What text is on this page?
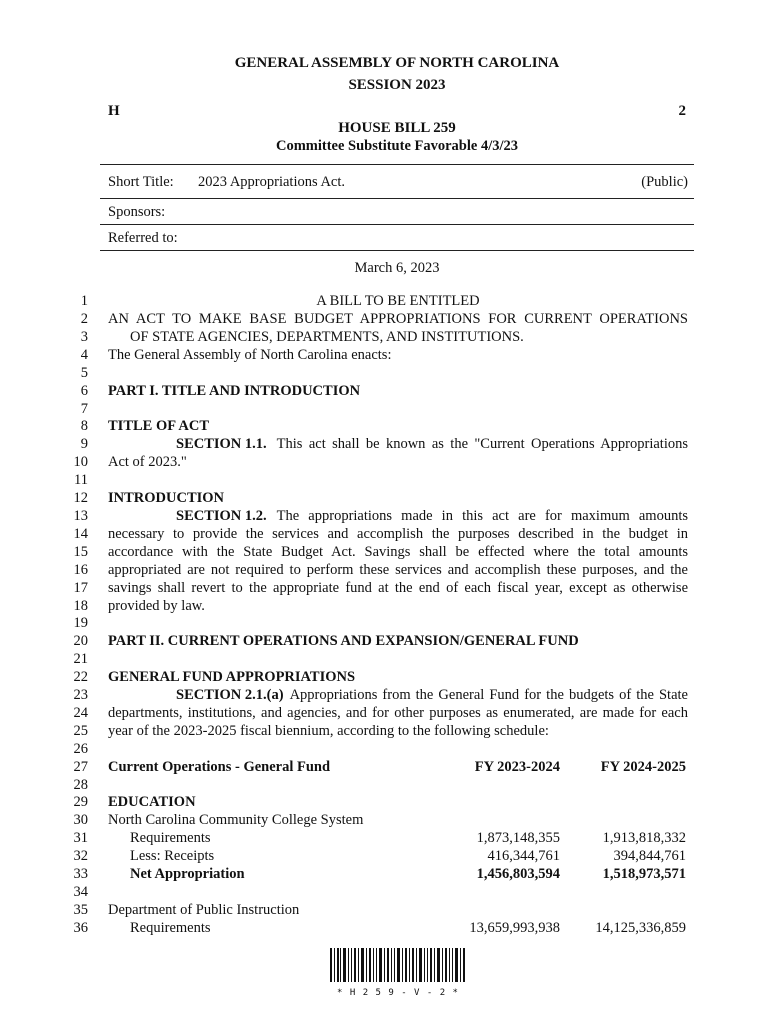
GENERAL ASSEMBLY OF NORTH CAROLINA
SESSION 2023
H	2
HOUSE BILL 259
Committee Substitute Favorable 4/3/23
Short Title: 2023 Appropriations Act.	(Public)
Sponsors:
Referred to:
March 6, 2023
1
2
3
4
5
6
7
8
9
10
11
12
13
14
15
16
17
18
19
20
21
22
23
24
25
26
27
28
29
30
31
32
33
34
35
36
A BILL TO BE ENTITLED
AN ACT TO MAKE BASE BUDGET APPROPRIATIONS FOR CURRENT OPERATIONS
OF STATE AGENCIES, DEPARTMENTS, AND INSTITUTIONS.
The General Assembly of North Carolina enacts:
PART I. TITLE AND INTRODUCTION
TITLE OF ACT
SECTION 1.1. This act shall be known as the "Current Operations Appropriations
Act of 2023."
INTRODUCTION
SECTION 1.2. The appropriations made in this act are for maximum amounts
necessary to provide the services and accomplish the purposes described in the budget in
accordance with the State Budget Act. Savings shall be effected where the total amounts
appropriated are not required to perform these services and accomplish these purposes, and the
savings shall revert to the appropriate fund at the end of each fiscal year, except as otherwise
provided by law.
PART II. CURRENT OPERATIONS AND EXPANSION/GENERAL FUND
GENERAL FUND APPROPRIATIONS
SECTION 2.1.(a) Appropriations from the General Fund for the budgets of the State
departments, institutions, and agencies, and for other purposes as enumerated, are made for each
year of the 2023-2025 fiscal biennium, according to the following schedule:
Current Operations - General Fund	FY 2023-2024	FY 2024-2025
EDUCATION
North Carolina Community College System
Requirements	1,873,148,355	1,913,818,332
Less: Receipts	416,344,761	394,844,761
Net Appropriation	1,456,803,594	1,518,973,571
Department of Public Instruction
Requirements	13,659,993,938 14,125,336,859
* H 2 5 9 - V - 2 *
